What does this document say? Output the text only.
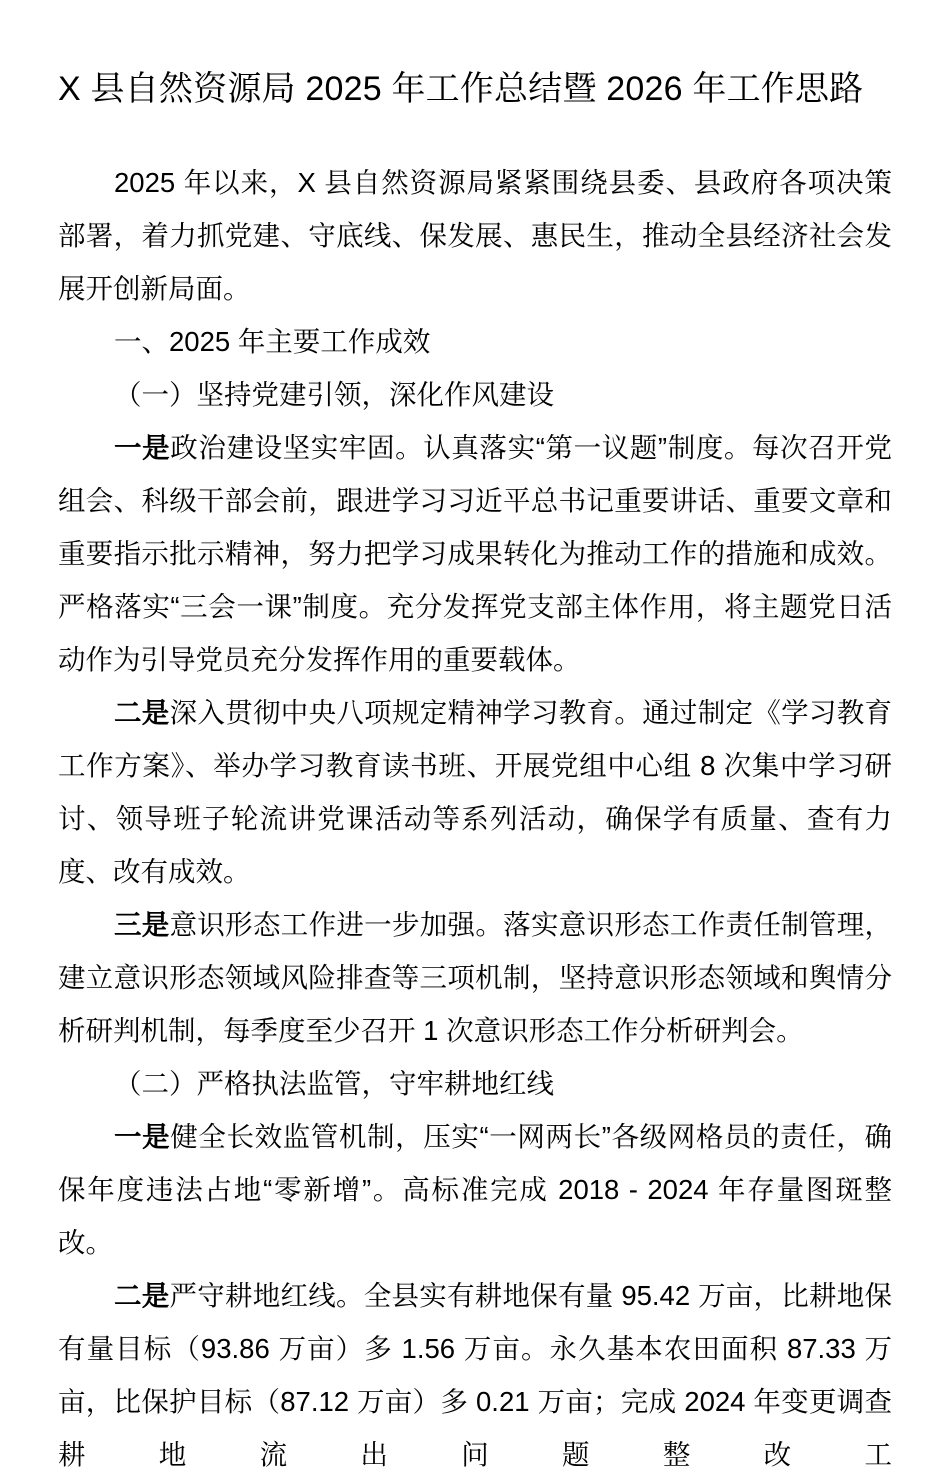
X 县自然资源局 2025 年工作总结暨 2026 年工作思路

2025 年以来，X 县自然资源局紧紧围绕县委、县政府各项决策部署，着力抓党建、守底线、保发展、惠民生，推动全县经济社会发展开创新局面。

一、2025 年主要工作成效

（一）坚持党建引领，深化作风建设

一是政治建设坚实牢固。认真落实“第一议题”制度。每次召开党组会、科级干部会前，跟进学习习近平总书记重要讲话、重要文章和重要指示批示精神，努力把学习成果转化为推动工作的措施和成效。严格落实“三会一课”制度。充分发挥党支部主体作用，将主题党日活动作为引导党员充分发挥作用的重要载体。

二是深入贯彻中央八项规定精神学习教育。通过制定《学习教育工作方案》、举办学习教育读书班、开展党组中心组 8 次集中学习研讨、领导班子轮流讲党课活动等系列活动，确保学有质量、查有力度、改有成效。

三是意识形态工作进一步加强。落实意识形态工作责任制管理，建立意识形态领域风险排查等三项机制，坚持意识形态领域和舆情分析研判机制，每季度至少召开 1 次意识形态工作分析研判会。

（二）严格执法监管，守牢耕地红线

一是健全长效监管机制，压实“一网两长”各级网格员的责任，确保年度违法占地“零新增”。高标准完成 2018 - 2024 年存量图斑整改。

二是严守耕地红线。全县实有耕地保有量 95.42 万亩，比耕地保有量目标（93.86 万亩）多 1.56 万亩。永久基本农田面积 87.33 万亩，比保护目标（87.12 万亩）多 0.21 万亩；完成 2024 年变更调查耕地流出问题整改工
